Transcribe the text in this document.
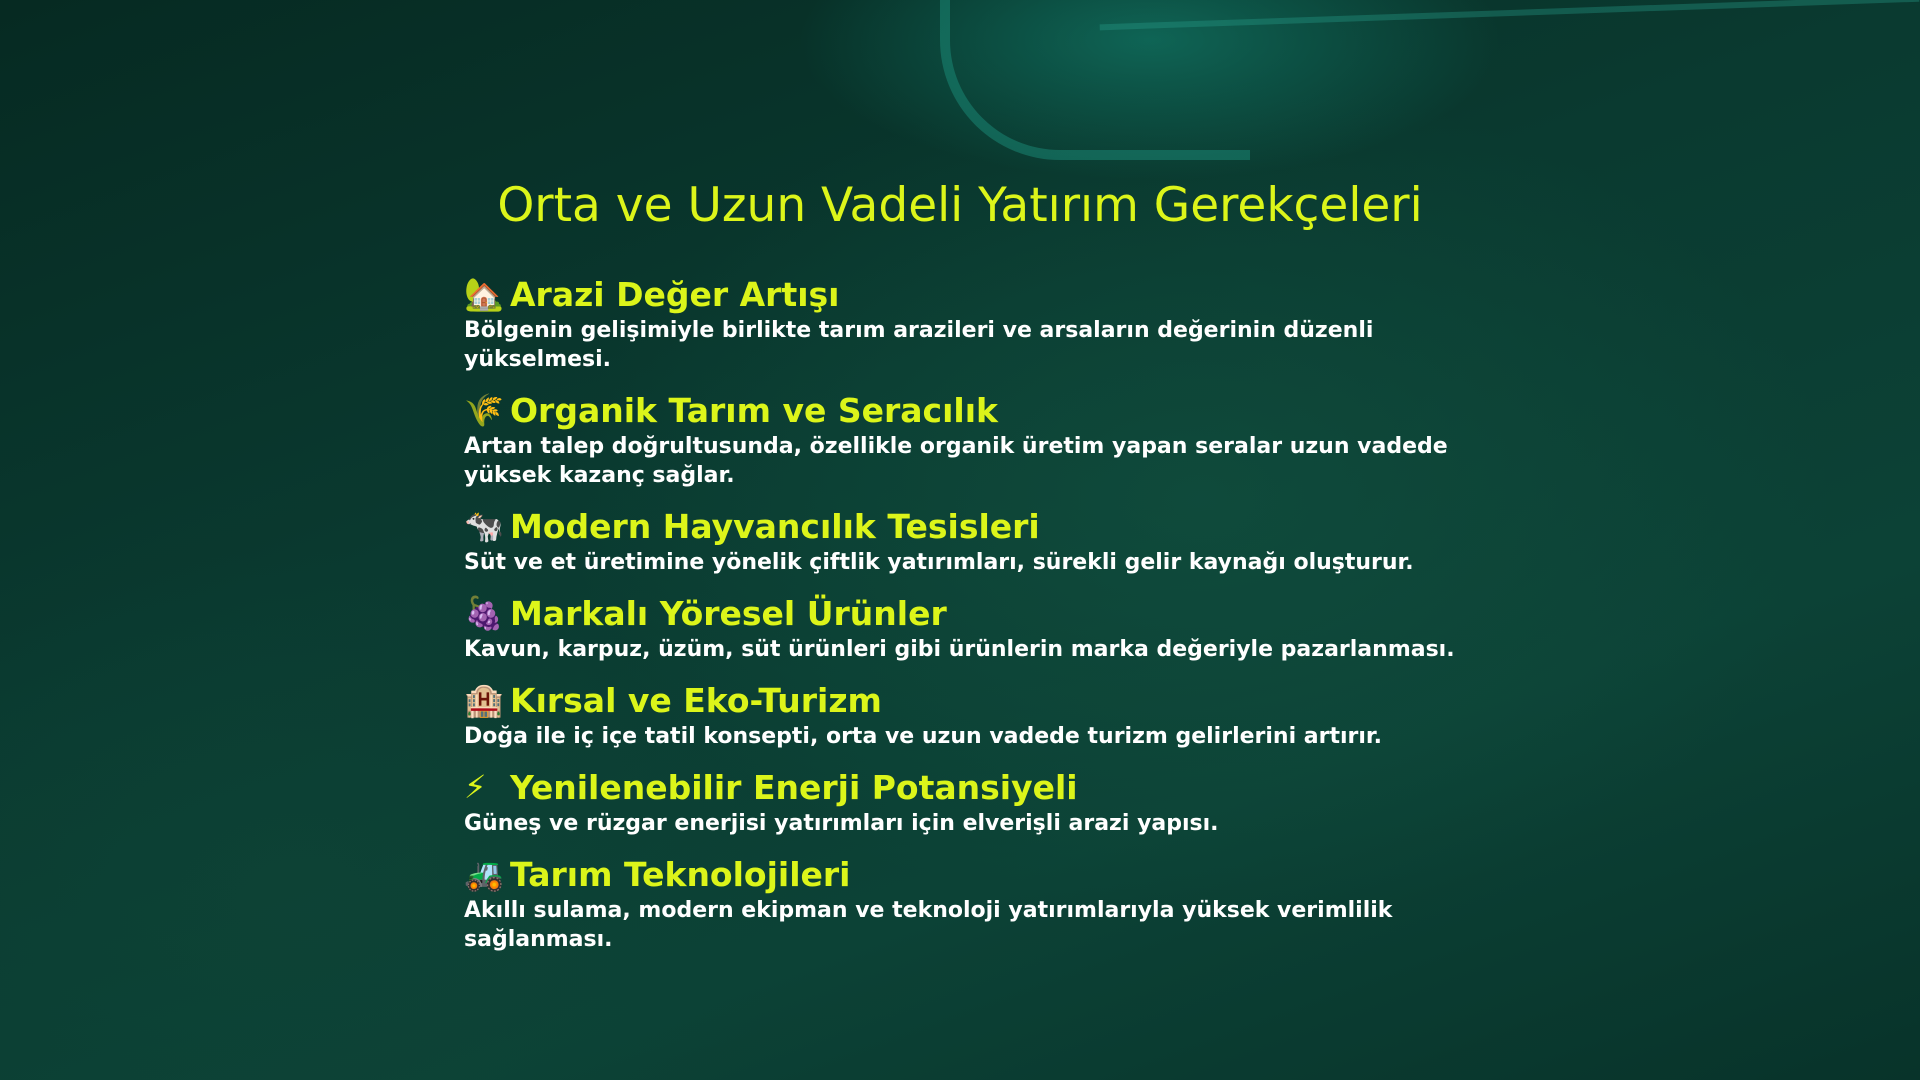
Orta ve Uzun Vadeli Yatırım Gerekçeleri
🏡 Arazi Değer Artışı
Bölgenin gelişimiyle birlikte tarım arazileri ve arsaların değerinin düzenli yükselmesi.
🌾 Organik Tarım ve Seracılık
Artan talep doğrultusunda, özellikle organik üretim yapan seralar uzun vadede yüksek kazanç sağlar.
🐄 Modern Hayvancılık Tesisleri
Süt ve et üretimine yönelik çiftlik yatırımları, sürekli gelir kaynağı oluşturur.
🍇 Markalı Yöresel Ürünler
Kavun, karpuz, üzüm, süt ürünleri gibi ürünlerin marka değeriyle pazarlanması.
🏨 Kırsal ve Eko-Turizm
Doğa ile iç içe tatil konsepti, orta ve uzun vadede turizm gelirlerini artırır.
⚡ Yenilenebilir Enerji Potansiyeli
Güneş ve rüzgar enerjisi yatırımları için elverişli arazi yapısı.
🚜 Tarım Teknolojileri
Akıllı sulama, modern ekipman ve teknoloji yatırımlarıyla yüksek verimlilik sağlanması.
